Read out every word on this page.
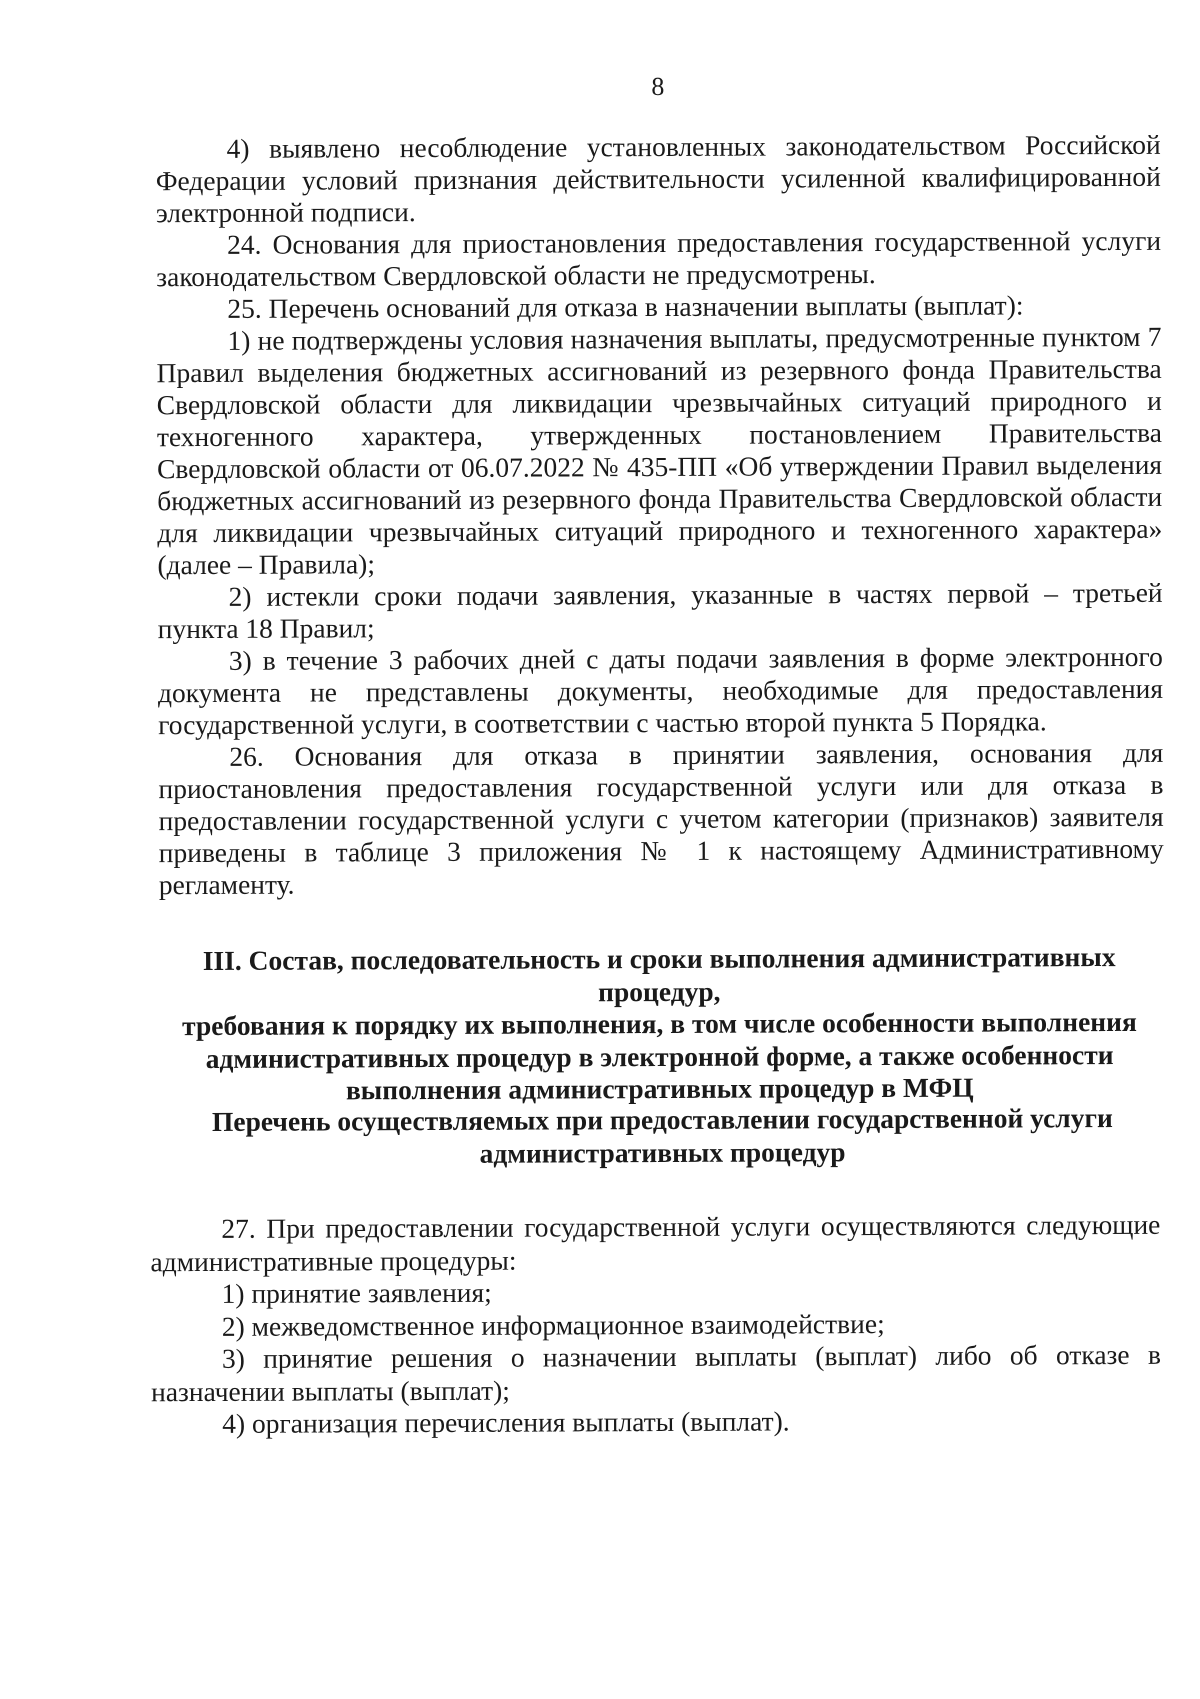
8

4) выявлено несоблюдение установленных законодательством Российской Федерации условий признания действительности усиленной квалифицированной электронной подписи.

24. Основания для приостановления предоставления государственной услуги законодательством Свердловской области не предусмотрены.

25. Перечень оснований для отказа в назначении выплаты (выплат):

1) не подтверждены условия назначения выплаты, предусмотренные пунктом 7 Правил выделения бюджетных ассигнований из резервного фонда Правительства Свердловской области для ликвидации чрезвычайных ситуаций природного и техногенного характера, утвержденных постановлением Правительства Свердловской области от 06.07.2022 № 435-ПП «Об утверждении Правил выделения бюджетных ассигнований из резервного фонда Правительства Свердловской области для ликвидации чрезвычайных ситуаций природного и техногенного характера» (далее – Правила);

2) истекли сроки подачи заявления, указанные в частях первой – третьей пункта 18 Правил;

3) в течение 3 рабочих дней с даты подачи заявления в форме электронного документа не представлены документы, необходимые для предоставления государственной услуги, в соответствии с частью второй пункта 5 Порядка.

26. Основания для отказа в принятии заявления, основания для приостановления предоставления государственной услуги или для отказа в предоставлении государственной услуги с учетом категории (признаков) заявителя приведены в таблице 3 приложения № 1 к настоящему Административному регламенту.

III. Состав, последовательность и сроки выполнения административных процедур,
требования к порядку их выполнения, в том числе особенности выполнения
административных процедур в электронной форме, а также особенности
выполнения административных процедур в МФЦ
Перечень осуществляемых при предоставлении государственной услуги
административных процедур

27. При предоставлении государственной услуги осуществляются следующие административные процедуры:

1) принятие заявления;

2) межведомственное информационное взаимодействие;

3) принятие решения о назначении выплаты (выплат) либо об отказе в назначении выплаты (выплат);

4) организация перечисления выплаты (выплат).
